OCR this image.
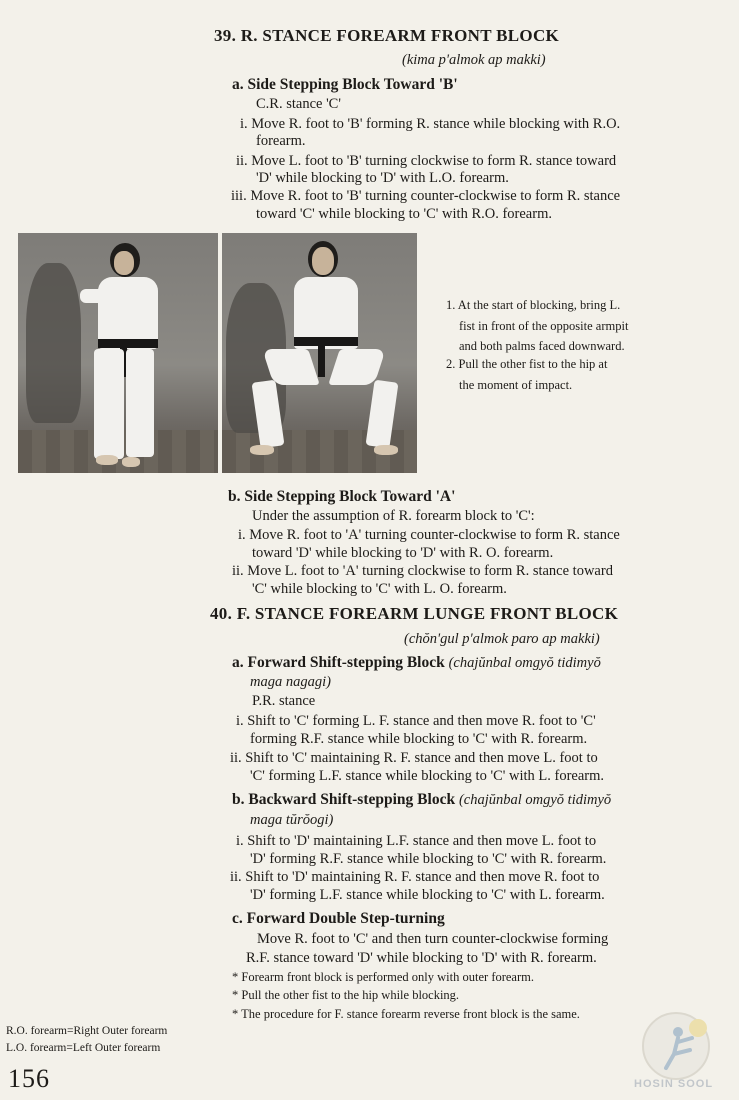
39. R. STANCE FOREARM FRONT BLOCK
(kima p'almok ap makki)
a. Side Stepping Block Toward 'B'
C.R. stance 'C'
i. Move R. foot to 'B' forming R. stance while blocking with R.O.
forearm.
ii. Move L. foot to 'B' turning clockwise to form R. stance toward
'D' while blocking to 'D' with L.O. forearm.
iii. Move R. foot to 'B' turning counter-clockwise to form R. stance
toward 'C' while blocking to 'C' with R.O. forearm.
1. At the start of blocking, bring L.
fist in front of the opposite armpit
and both palms faced downward.
2. Pull the other fist to the hip at
the moment of impact.
b. Side Stepping Block Toward 'A'
Under the assumption of R. forearm block to 'C':
i. Move R. foot to 'A' turning counter-clockwise to form R. stance
toward 'D' while blocking to 'D' with R. O. forearm.
ii. Move L. foot to 'A' turning clockwise to form R. stance toward
'C' while blocking to 'C' with L. O. forearm.
40. F. STANCE FOREARM LUNGE FRONT BLOCK
(chŏn'gul p'almok paro ap makki)
a. Forward Shift-stepping Block (chajŭnbal omgyŏ tidimyŏ
maga nagagi)
P.R. stance
i. Shift to 'C' forming L. F. stance and then move R. foot to 'C'
forming R.F. stance while blocking to 'C' with R. forearm.
ii. Shift to 'C' maintaining R. F. stance and then move L. foot to
'C' forming L.F. stance while blocking to 'C' with L. forearm.
b. Backward Shift-stepping Block (chajŭnbal omgyŏ tidimyŏ
maga tŭrŏogi)
i. Shift to 'D' maintaining L.F. stance and then move L. foot to
'D' forming R.F. stance while blocking to 'C' with R. forearm.
ii. Shift to 'D' maintaining R. F. stance and then move R. foot to
'D' forming L.F. stance while blocking to 'C' with L. forearm.
c. Forward Double Step-turning
Move R. foot to 'C' and then turn counter-clockwise forming
R.F. stance toward 'D' while blocking to 'D' with R. forearm.
* Forearm front block is performed only with outer forearm.
* Pull the other fist to the hip while blocking.
* The procedure for F. stance forearm reverse front block is the same.
R.O. forearm=Right Outer forearm
L.O. forearm=Left Outer forearm
156	HOSIN SOOL
